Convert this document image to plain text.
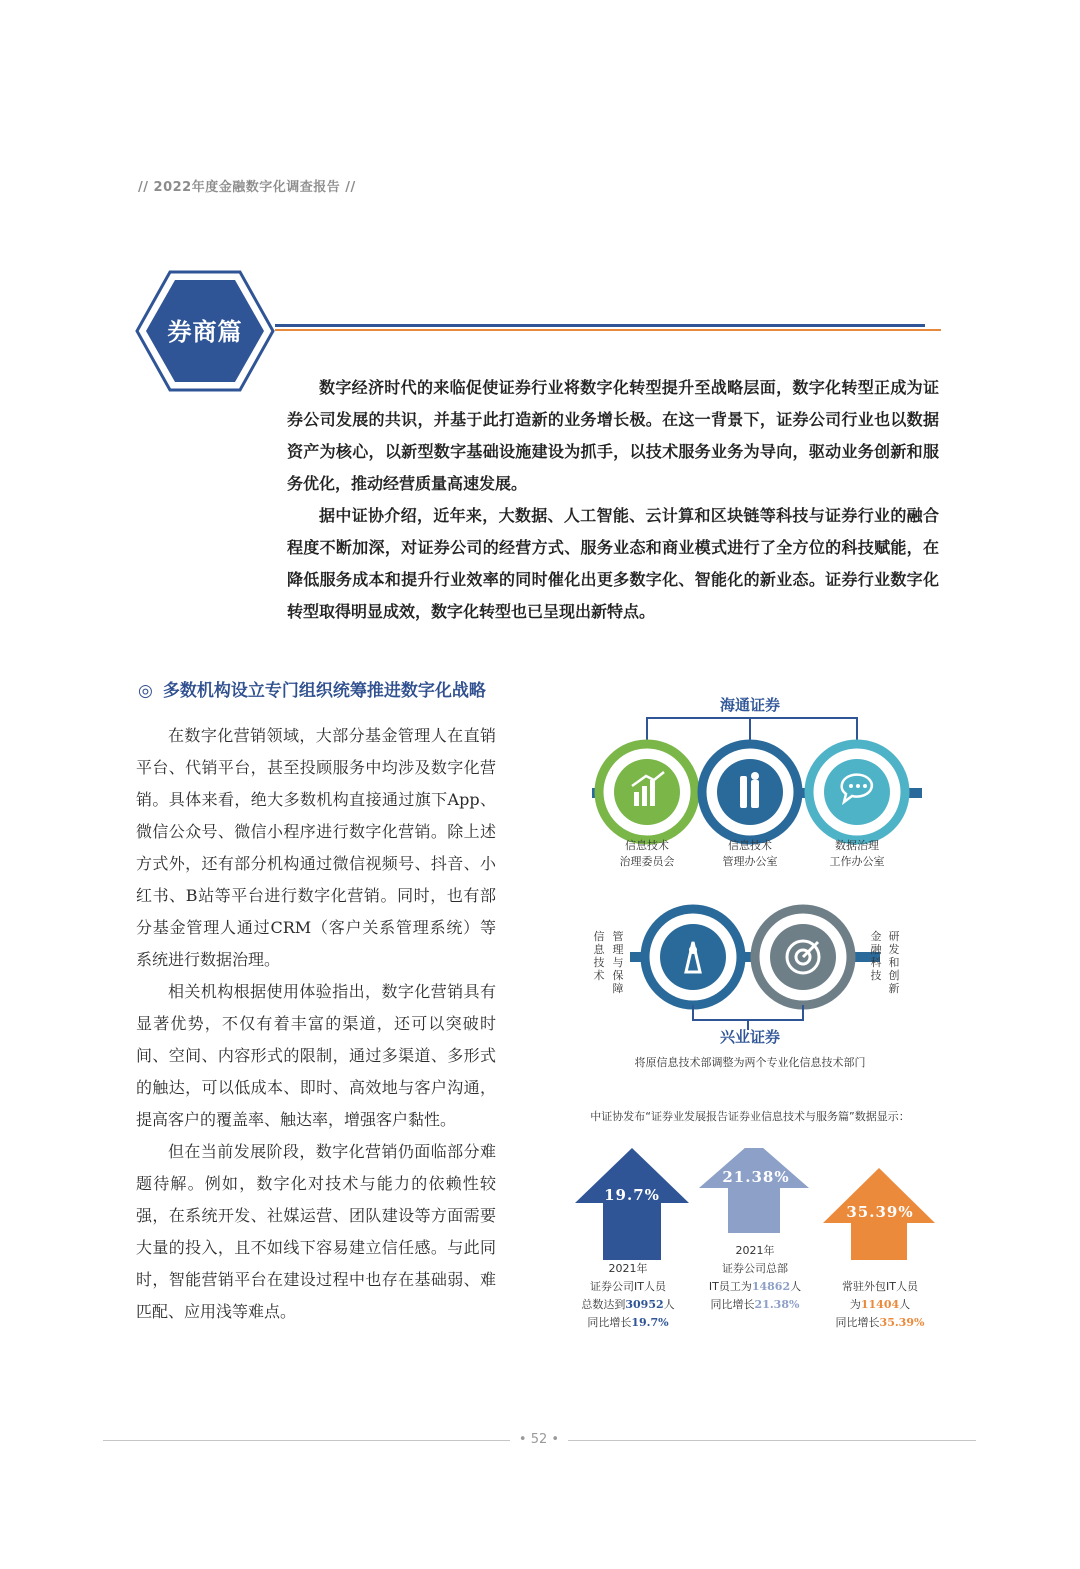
// 2022年度金融数字化调查报告 //
券商篇

数字经济时代的来临促使证券行业将数字化转型提升至战略层面，数字化转型正成为证券公司发展的共识，并基于此打造新的业务增长极。在这一背景下，证券公司行业也以数据资产为核心，以新型数字基础设施建设为抓手，以技术服务业务为导向，驱动业务创新和服务优化，推动经营质量高速发展。

据中证协介绍，近年来，大数据、人工智能、云计算和区块链等科技与证券行业的融合程度不断加深，对证券公司的经营方式、服务业态和商业模式进行了全方位的科技赋能，在降低服务成本和提升行业效率的同时催化出更多数字化、智能化的新业态。证券行业数字化转型取得明显成效，数字化转型也已呈现出新特点。

◎ 多数机构设立专门组织统筹推进数字化战略

在数字化营销领域，大部分基金管理人在直销平台、代销平台，甚至投顾服务中均涉及数字化营销。具体来看，绝大多数机构直接通过旗下App、微信公众号、微信小程序进行数字化营销。除上述方式外，还有部分机构通过微信视频号、抖音、小红书、B站等平台进行数字化营销。同时，也有部分基金管理人通过CRM（客户关系管理系统）等系统进行数据治理。

相关机构根据使用体验指出，数字化营销具有显著优势，不仅有着丰富的渠道，还可以突破时间、空间、内容形式的限制，通过多渠道、多形式的触达，可以低成本、即时、高效地与客户沟通，提高客户的覆盖率、触达率，增强客户黏性。

但在当前发展阶段，数字化营销仍面临部分难题待解。例如，数字化对技术与能力的依赖性较强，在系统开发、社媒运营、团队建设等方面需要大量的投入，且不如线下容易建立信任感。与此同时，智能营销平台在建设过程中也存在基础弱、难匹配、应用浅等难点。

海通证券
信息技术
治理委员会
信息技术
管理办公室
数据治理
工作办公室
信息技术
管理与保障
金融科技
研发和创新
兴业证券
将原信息技术部调整为两个专业化信息技术部门
中证协发布“证券业发展报告证券业信息技术与服务篇”数据显示：
19.7%
21.38%
35.39%
2021年
证券公司IT人员
总数达到30952人
同比增长19.7%
2021年
证券公司总部
IT员工为14862人
同比增长21.38%
常驻外包IT人员
为11404人
同比增长35.39%
• 52 •
